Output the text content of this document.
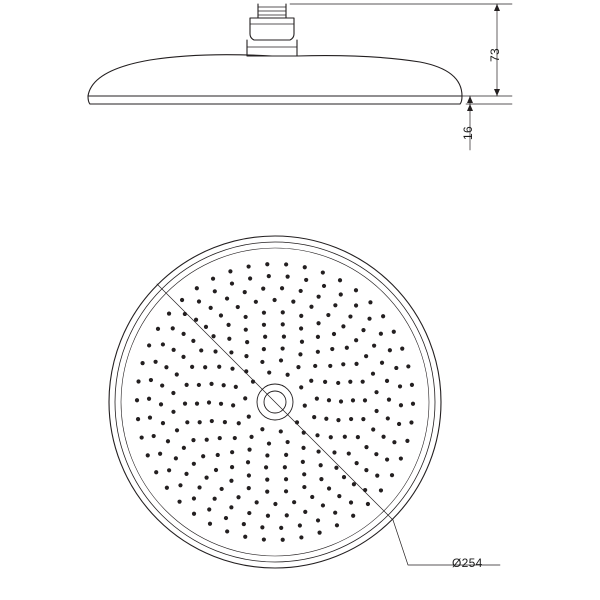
73
16
Ø254
